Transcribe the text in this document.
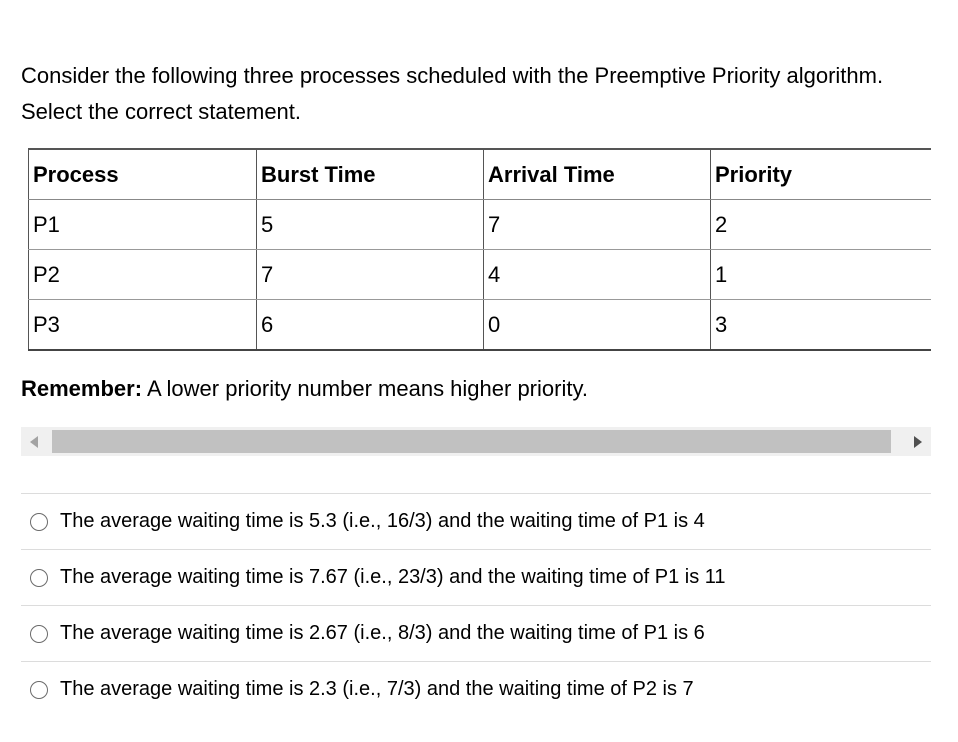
Consider the following three processes scheduled with the Preemptive Priority algorithm. Select the correct statement.
Process	Burst Time	Arrival Time	Priority
P1	5	7	2
P2	7	4	1
P3	6	0	3
Remember: A lower priority number means higher priority.
The average waiting time is 5.3 (i.e., 16/3) and the waiting time of P1 is 4
The average waiting time is 7.67 (i.e., 23/3) and the waiting time of P1 is 11
The average waiting time is 2.67 (i.e., 8/3) and the waiting time of P1 is 6
The average waiting time is 2.3 (i.e., 7/3) and the waiting time of P2 is 7
